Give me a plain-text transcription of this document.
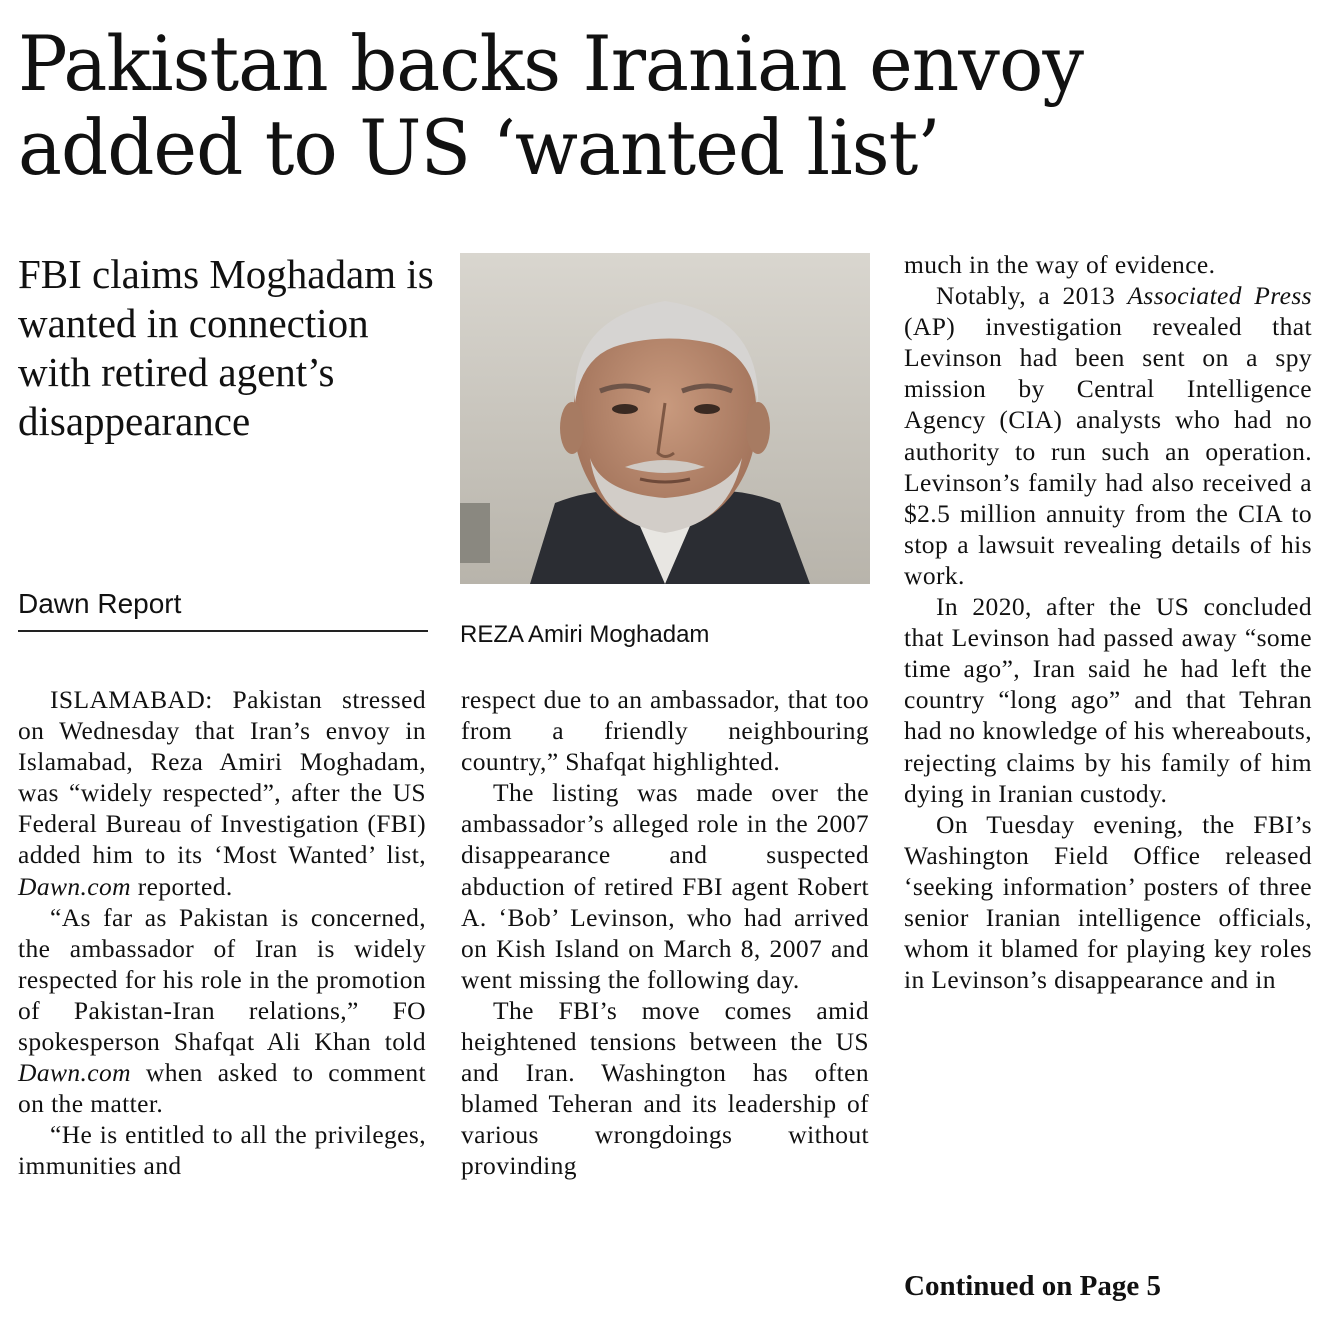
Pakistan backs Iranian envoy added to US ‘wanted list’
FBI claims Moghadam is wanted in connection with retired agent’s disappearance
Dawn Report
REZA Amiri Moghadam

ISLAMABAD: Pakistan stressed on Wednesday that Iran’s envoy in Islamabad, Reza Amiri Moghadam, was “widely respected”, after the US Federal Bureau of Investigation (FBI) added him to its ‘Most Wanted’ list, Dawn.com reported.

“As far as Pakistan is concerned, the ambassador of Iran is widely respected for his role in the promotion of Pakistan-Iran relations,” FO spokesperson Shafqat Ali Khan told Dawn.com when asked to comment on the matter.

“He is entitled to all the privileges, immunities and

respect due to an ambassador, that too from a friendly neighbouring country,” Shafqat highlighted.

The listing was made over the ambassador’s alleged role in the 2007 disappearance and suspected abduction of retired FBI agent Robert A. ‘Bob’ Levinson, who had arrived on Kish Island on March 8, 2007 and went missing the following day.

The FBI’s move comes amid heightened tensions between the US and Iran. Washington has often blamed Teheran and its leadership of various wrongdoings without provinding

much in the way of evidence.

Notably, a 2013 Associated Press (AP) investigation revealed that Levinson had been sent on a spy mission by Central Intelligence Agency (CIA) analysts who had no authority to run such an operation. Levinson’s family had also received a $2.5 million annuity from the CIA to stop a lawsuit revealing details of his work.

In 2020, after the US concluded that Levinson had passed away “some time ago”, Iran said he had left the country “long ago” and that Tehran had no knowledge of his whereabouts, rejecting claims by his family of him dying in Iranian custody.

On Tuesday evening, the FBI’s Washington Field Office released ‘seeking information’ posters of three senior Iranian intelligence officials, whom it blamed for playing key roles in Levinson’s disappearance and in

Continued on Page 5
